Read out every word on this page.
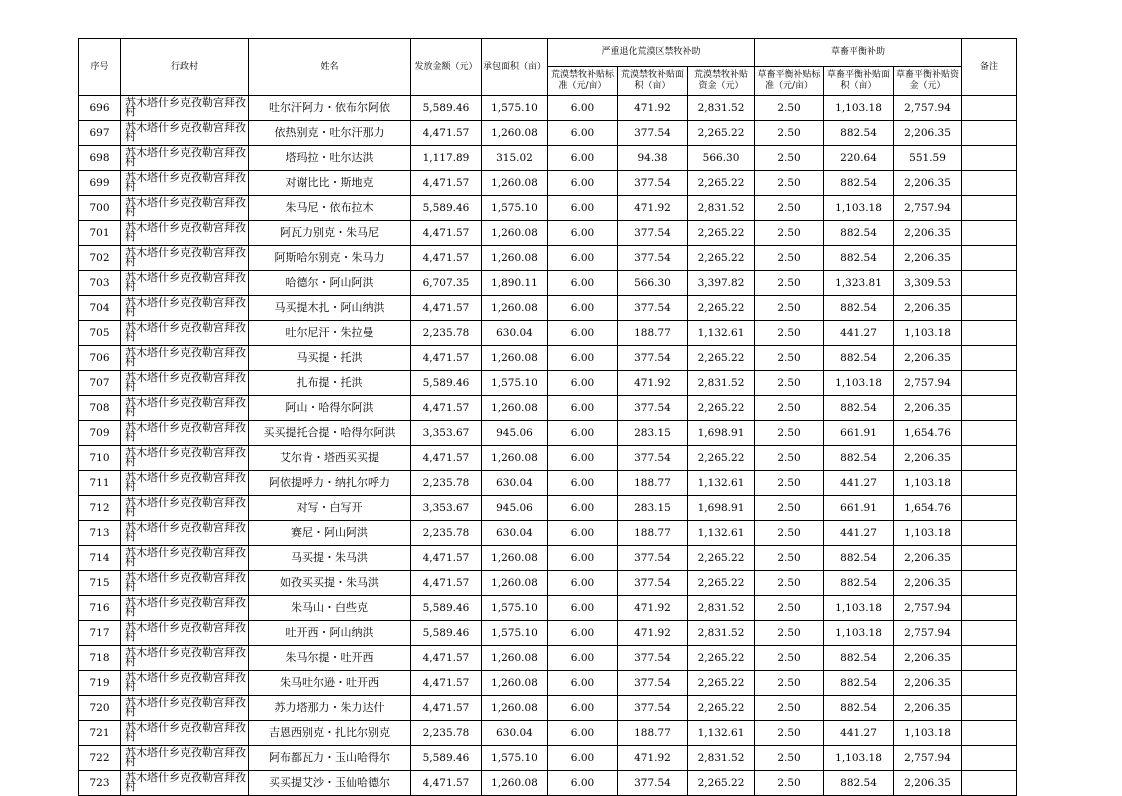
序号	行政村	姓名	发放金额（元）	承包面积（亩）	严重退化荒漠区禁牧补助			草畜平衡补助			备注
					荒漠禁牧补贴标准（元/亩）	荒漠禁牧补贴面积（亩）	荒漠禁牧补贴资金（元）	草畜平衡补贴标准（元/亩）	草畜平衡补贴面积（亩）	草畜平衡补贴资金（元）	
696	苏木塔什乡克孜勒宫拜孜村	吐尔汗阿力・依布尔阿依	5,589.46	1,575.10	6.00	471.92	2,831.52	2.50	1,103.18	2,757.94	
697	苏木塔什乡克孜勒宫拜孜村	依热别克・吐尔汗那力	4,471.57	1,260.08	6.00	377.54	2,265.22	2.50	882.54	2,206.35	
698	苏木塔什乡克孜勒宫拜孜村	塔玛拉・吐尔达洪	1,117.89	315.02	6.00	94.38	566.30	2.50	220.64	551.59	
699	苏木塔什乡克孜勒宫拜孜村	对谢比比・斯地克	4,471.57	1,260.08	6.00	377.54	2,265.22	2.50	882.54	2,206.35	
700	苏木塔什乡克孜勒宫拜孜村	朱马尼・依布拉木	5,589.46	1,575.10	6.00	471.92	2,831.52	2.50	1,103.18	2,757.94	
701	苏木塔什乡克孜勒宫拜孜村	阿瓦力别克・朱马尼	4,471.57	1,260.08	6.00	377.54	2,265.22	2.50	882.54	2,206.35	
702	苏木塔什乡克孜勒宫拜孜村	阿斯哈尔别克・朱马力	4,471.57	1,260.08	6.00	377.54	2,265.22	2.50	882.54	2,206.35	
703	苏木塔什乡克孜勒宫拜孜村	哈德尔・阿山阿洪	6,707.35	1,890.11	6.00	566.30	3,397.82	2.50	1,323.81	3,309.53	
704	苏木塔什乡克孜勒宫拜孜村	马买提木扎・阿山纳洪	4,471.57	1,260.08	6.00	377.54	2,265.22	2.50	882.54	2,206.35	
705	苏木塔什乡克孜勒宫拜孜村	吐尔尼汗・朱拉曼	2,235.78	630.04	6.00	188.77	1,132.61	2.50	441.27	1,103.18	
706	苏木塔什乡克孜勒宫拜孜村	马买提・托洪	4,471.57	1,260.08	6.00	377.54	2,265.22	2.50	882.54	2,206.35	
707	苏木塔什乡克孜勒宫拜孜村	扎布提・托洪	5,589.46	1,575.10	6.00	471.92	2,831.52	2.50	1,103.18	2,757.94	
708	苏木塔什乡克孜勒宫拜孜村	阿山・哈得尔阿洪	4,471.57	1,260.08	6.00	377.54	2,265.22	2.50	882.54	2,206.35	
709	苏木塔什乡克孜勒宫拜孜村	买买提托合提・哈得尔阿洪	3,353.67	945.06	6.00	283.15	1,698.91	2.50	661.91	1,654.76	
710	苏木塔什乡克孜勒宫拜孜村	艾尔肯・塔西买买提	4,471.57	1,260.08	6.00	377.54	2,265.22	2.50	882.54	2,206.35	
711	苏木塔什乡克孜勒宫拜孜村	阿依提呼力・纳扎尔呼力	2,235.78	630.04	6.00	188.77	1,132.61	2.50	441.27	1,103.18	
712	苏木塔什乡克孜勒宫拜孜村	对写・白写开	3,353.67	945.06	6.00	283.15	1,698.91	2.50	661.91	1,654.76	
713	苏木塔什乡克孜勒宫拜孜村	赛尼・阿山阿洪	2,235.78	630.04	6.00	188.77	1,132.61	2.50	441.27	1,103.18	
714	苏木塔什乡克孜勒宫拜孜村	马买提・朱马洪	4,471.57	1,260.08	6.00	377.54	2,265.22	2.50	882.54	2,206.35	
715	苏木塔什乡克孜勒宫拜孜村	如孜买买提・朱马洪	4,471.57	1,260.08	6.00	377.54	2,265.22	2.50	882.54	2,206.35	
716	苏木塔什乡克孜勒宫拜孜村	朱马山・白些克	5,589.46	1,575.10	6.00	471.92	2,831.52	2.50	1,103.18	2,757.94	
717	苏木塔什乡克孜勒宫拜孜村	吐开西・阿山纳洪	5,589.46	1,575.10	6.00	471.92	2,831.52	2.50	1,103.18	2,757.94	
718	苏木塔什乡克孜勒宫拜孜村	朱马尔提・吐开西	4,471.57	1,260.08	6.00	377.54	2,265.22	2.50	882.54	2,206.35	
719	苏木塔什乡克孜勒宫拜孜村	朱马吐尔逊・吐开西	4,471.57	1,260.08	6.00	377.54	2,265.22	2.50	882.54	2,206.35	
720	苏木塔什乡克孜勒宫拜孜村	苏力塔那力・朱力达什	4,471.57	1,260.08	6.00	377.54	2,265.22	2.50	882.54	2,206.35	
721	苏木塔什乡克孜勒宫拜孜村	吉恩西别克・扎比尔别克	2,235.78	630.04	6.00	188.77	1,132.61	2.50	441.27	1,103.18	
722	苏木塔什乡克孜勒宫拜孜村	阿布都瓦力・玉山哈得尔	5,589.46	1,575.10	6.00	471.92	2,831.52	2.50	1,103.18	2,757.94	
723	苏木塔什乡克孜勒宫拜孜村	买买提艾沙・玉仙哈德尔	4,471.57	1,260.08	6.00	377.54	2,265.22	2.50	882.54	2,206.35	
